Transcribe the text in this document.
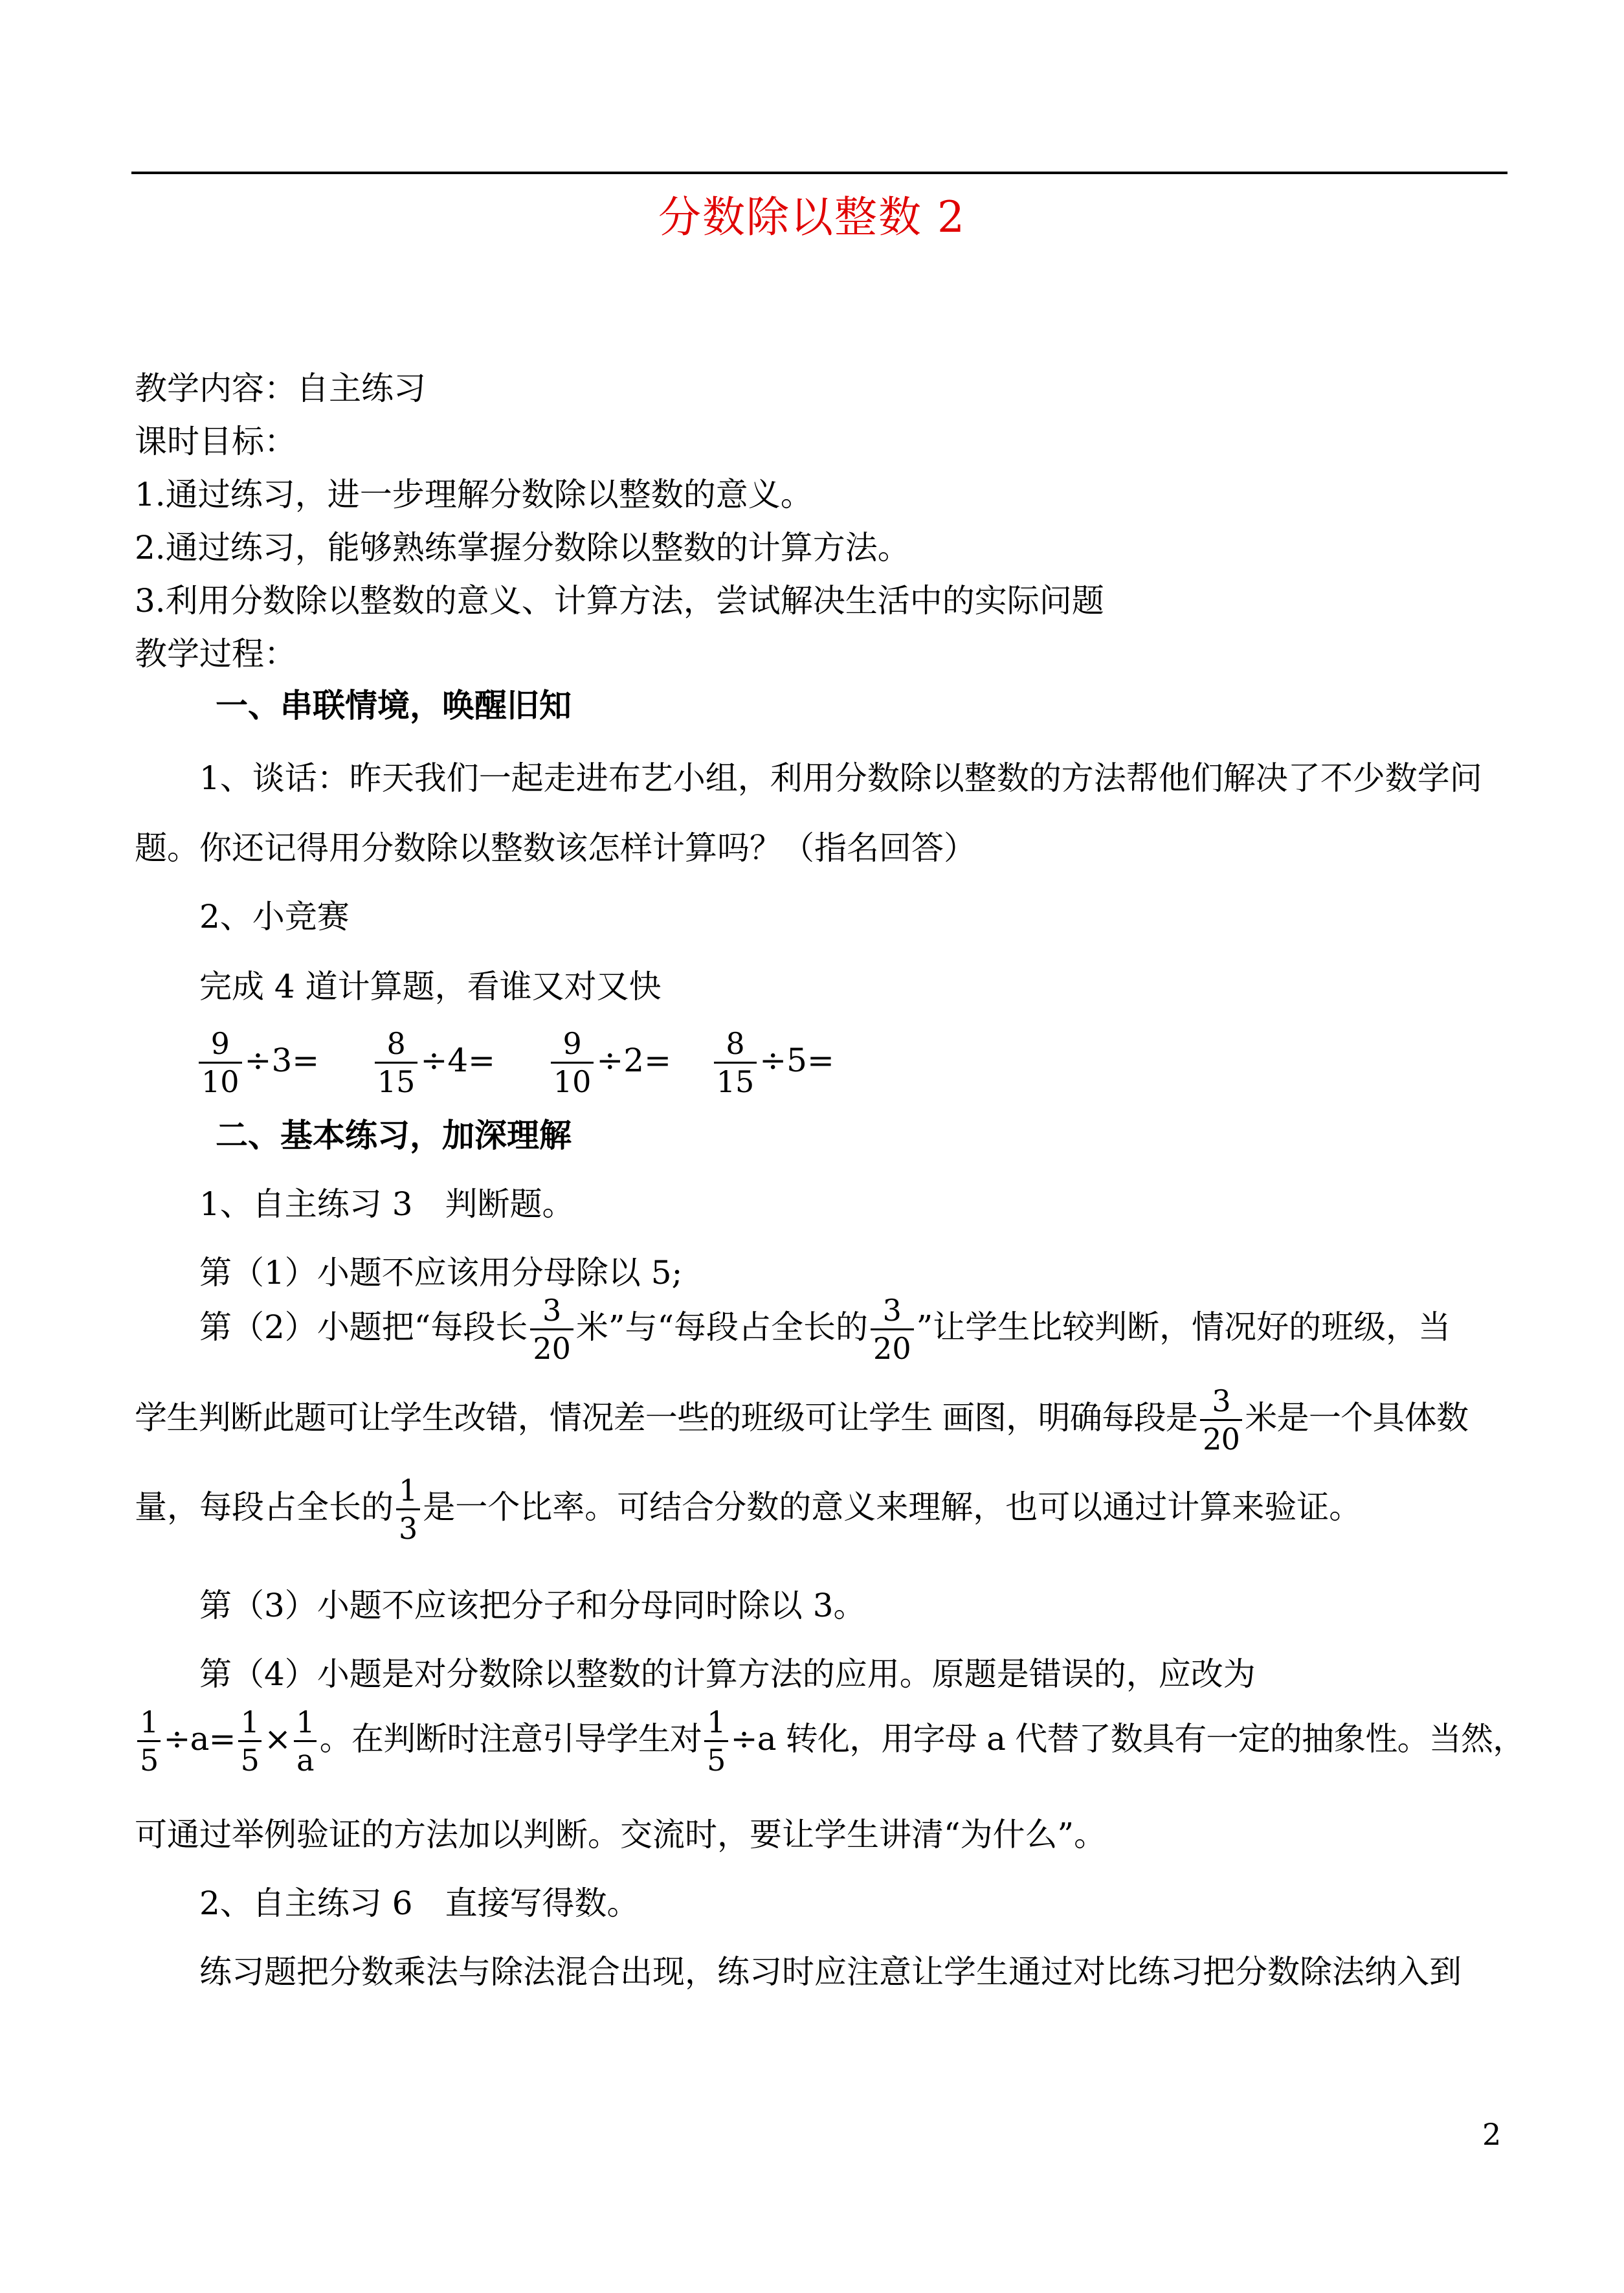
分数除以整数 2
教学内容：自主练习
课时目标：
1.通过练习，进一步理解分数除以整数的意义。
2.通过练习，能够熟练掌握分数除以整数的计算方法。
3.利用分数除以整数的意义、计算方法，尝试解决生活中的实际问题
教学过程：
一、串联情境，唤醒旧知
1、谈话：昨天我们一起走进布艺小组，利用分数除以整数的方法帮他们解决了不少数学问
题。你还记得用分数除以整数该怎样计算吗？（指名回答）
2、小竞赛
完成 4 道计算题，看谁又对又快
$\frac{9}{10} \div 3= \frac{8}{15} \div 4= \frac{9}{10} \div 2= \frac{8}{15} \div 5=$
二、基本练习，加深理解
1、自主练习 3　判断题。
第（1）小题不应该用分母除以 5;
第（2）小题把“每段长 $\frac{3}{20}$ 米”与“每段占全长的 $\frac{3}{20}$ ”让学生比较判断，情况好的班级，当
学生判断此题可让学生改错，情况差一些的班级可让学生 画图，明确每段是 $\frac{3}{20}$ 米是一个具体数
量，每段占全长的 $\frac{1}{3}$ 是一个比率。可结合分数的意义来理解，也可以通过计算来验证。
第（3）小题不应该把分子和分母同时除以 3。
第（4）小题是对分数除以整数的计算方法的应用。原题是错误的，应改为
$\frac{1}{5} \div a= \frac{1}{5} \times \frac{1}{a}$ 。在判断时注意引导学生对 $\frac{1}{5} \div a$ 转化，用字母 a 代替了数具有一定的抽象性。当然，
可通过举例验证的方法加以判断。交流时，要让学生讲清“为什么”。
2、自主练习 6　直接写得数。
练习题把分数乘法与除法混合出现，练习时应注意让学生通过对比练习把分数除法纳入到
2
